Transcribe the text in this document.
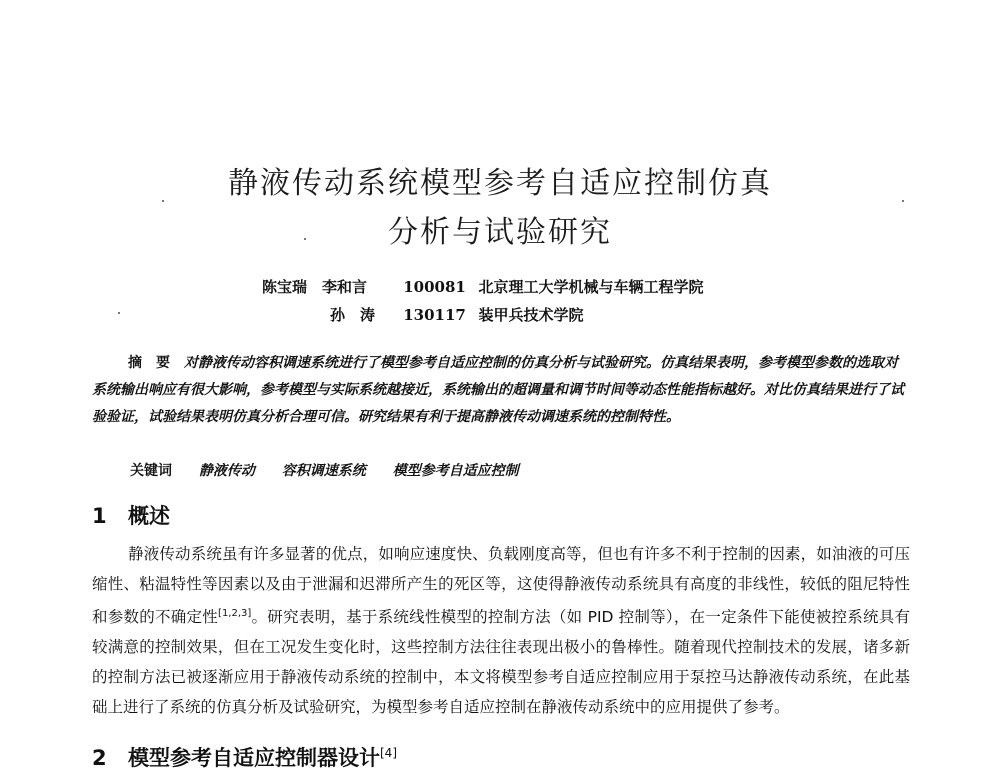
静液传动系统模型参考自适应控制仿真
分析与试验研究
陈宝瑞　李和言 100081 北京理工大学机械与车辆工程学院
孙　涛 130117 装甲兵技术学院
摘　要 对静液传动容积调速系统进行了模型参考自适应控制的仿真分析与试验研究。仿真结果表明，参考模型参数的选取对系统输出响应有很大影响，参考模型与实际系统越接近，系统输出的超调量和调节时间等动态性能指标越好。对比仿真结果进行了试验验证，试验结果表明仿真分析合理可信。研究结果有利于提高静液传动调速系统的控制特性。
关键词 静液传动 容积调速系统 模型参考自适应控制
1 概述
静液传动系统虽有许多显著的优点，如响应速度快、负载刚度高等，但也有许多不利于控制的因素，如油液的可压缩性、粘温特性等因素以及由于泄漏和迟滞所产生的死区等，这使得静液传动系统具有高度的非线性，较低的阻尼特性和参数的不确定性[1,2,3]。研究表明，基于系统线性模型的控制方法（如 PID 控制等），在一定条件下能使被控系统具有较满意的控制效果，但在工况发生变化时，这些控制方法往往表现出极小的鲁棒性。随着现代控制技术的发展，诸多新的控制方法已被逐渐应用于静液传动系统的控制中，本文将模型参考自适应控制应用于泵控马达静液传动系统，在此基础上进行了系统的仿真分析及试验研究，为模型参考自适应控制在静液传动系统中的应用提供了参考。
2 模型参考自适应控制器设计[4]
